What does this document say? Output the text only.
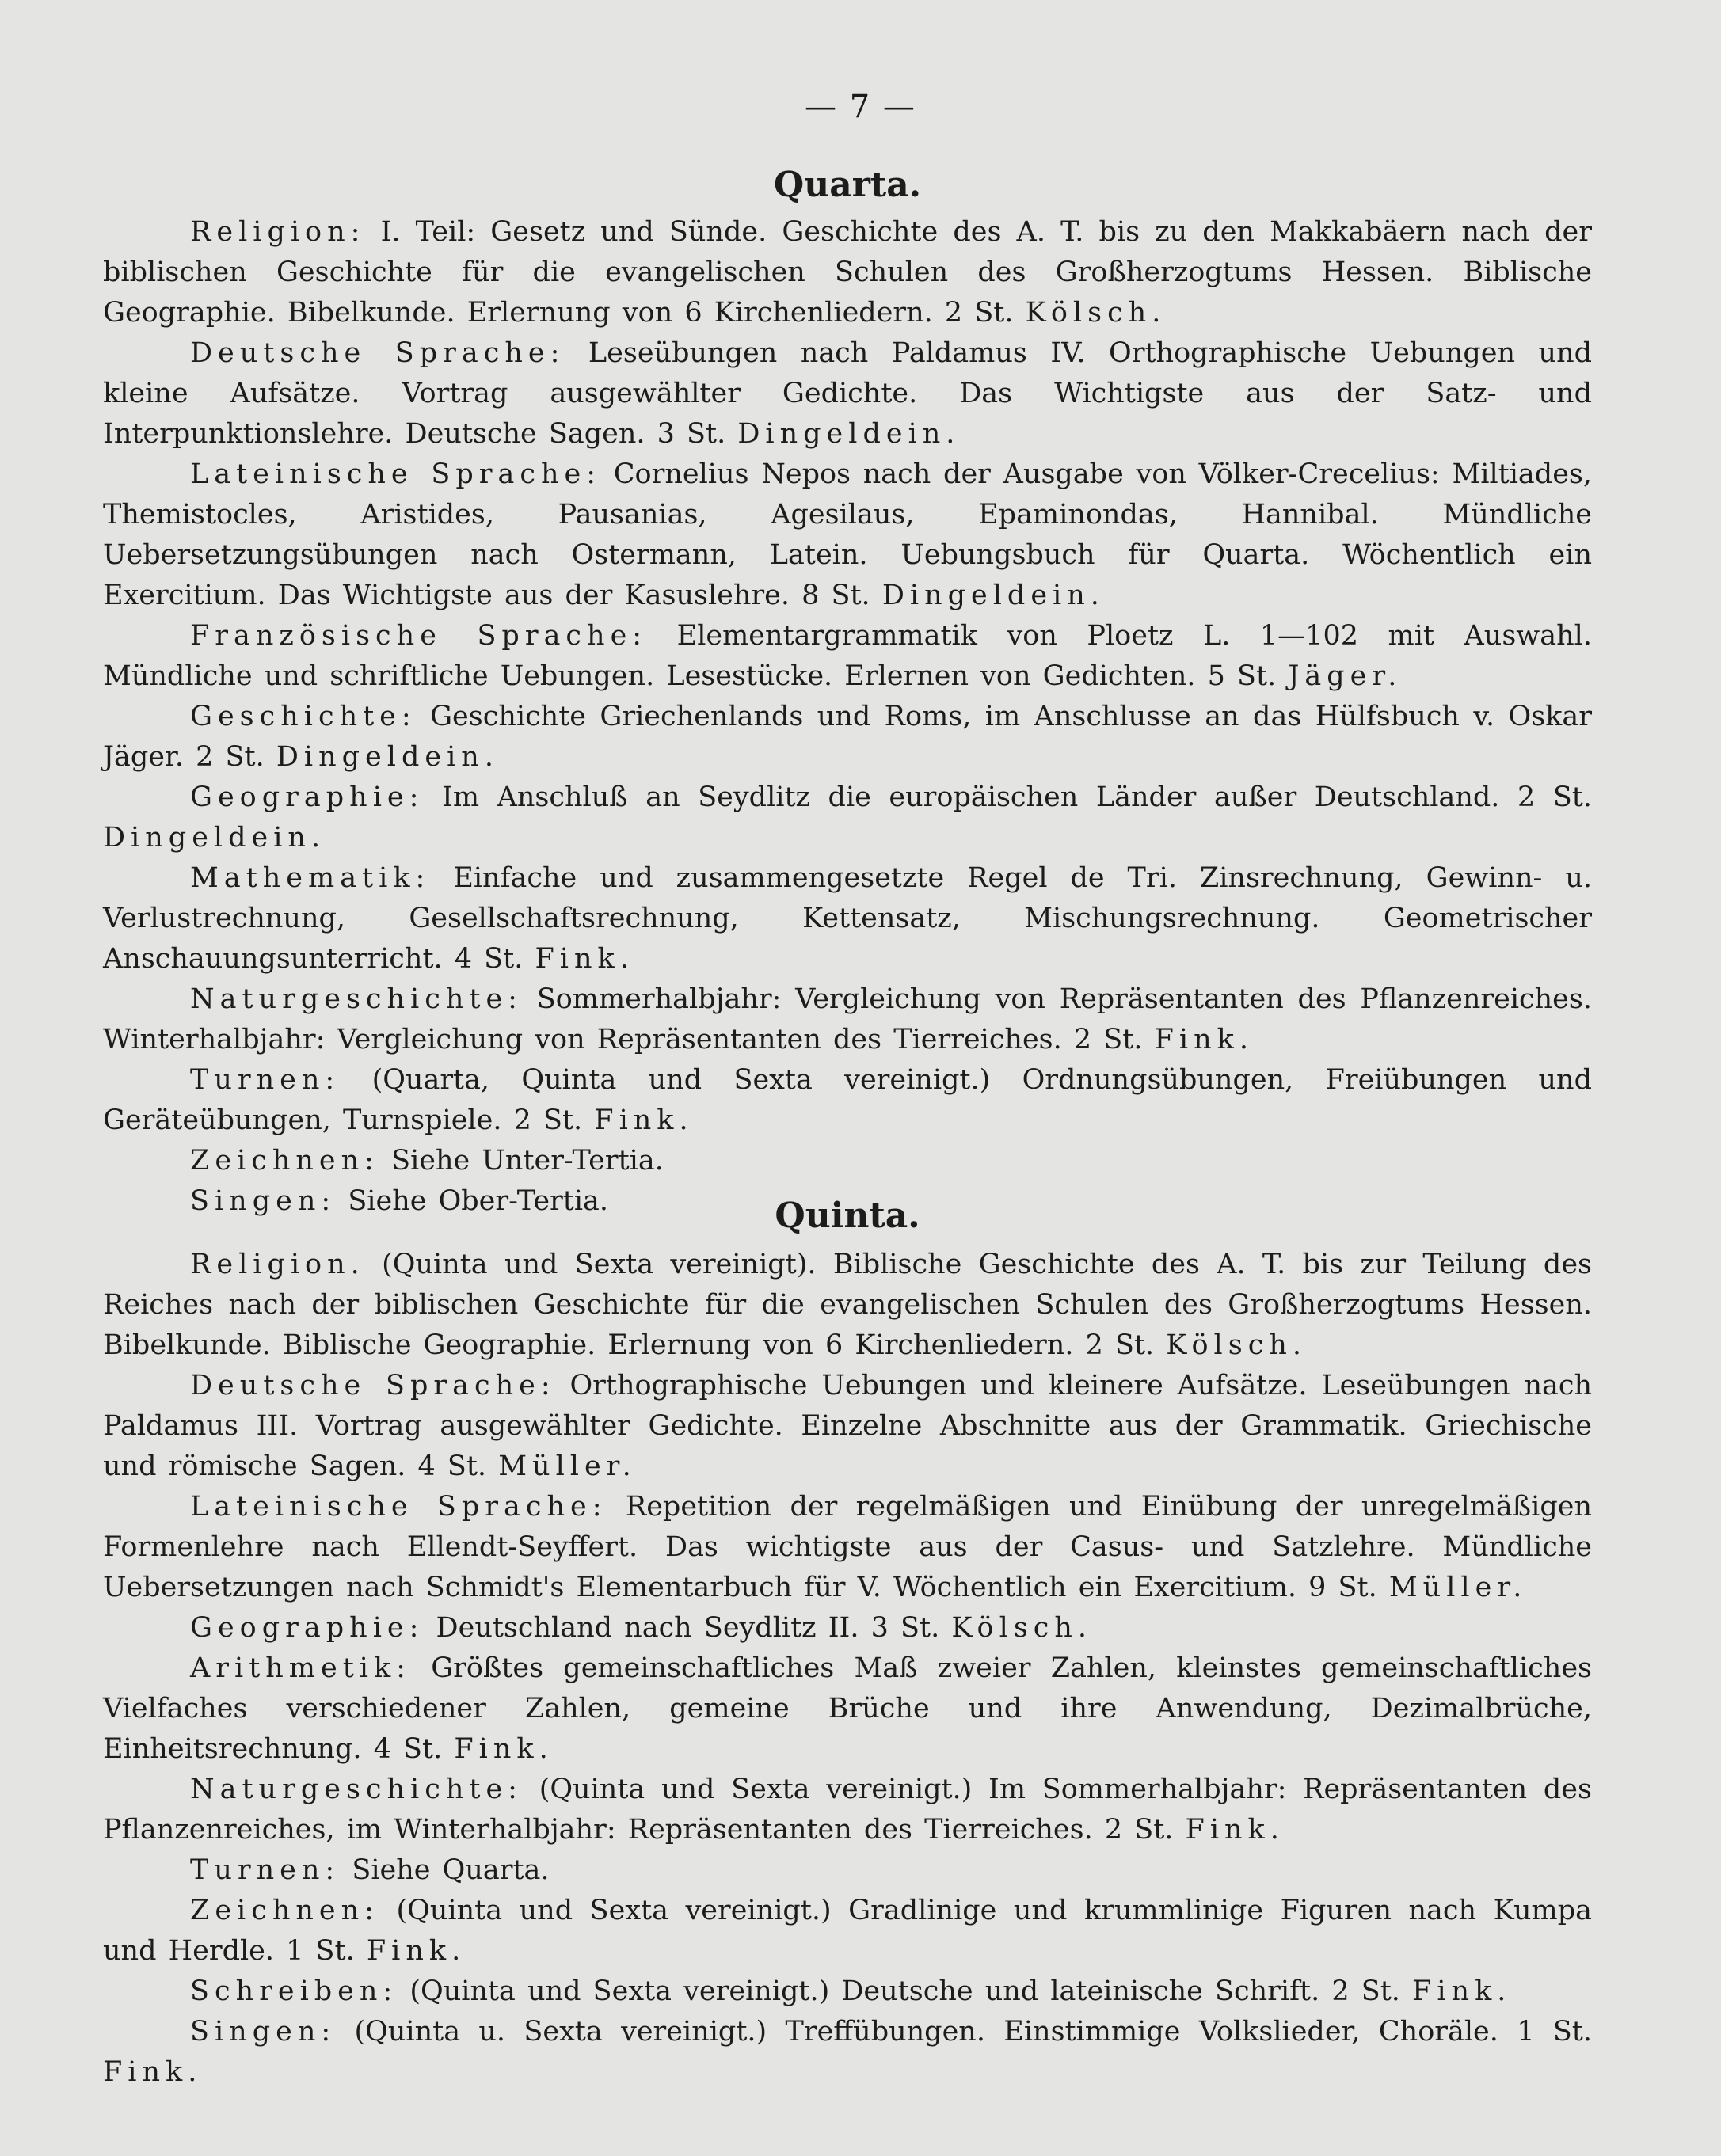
— 7 —
Quarta.

Religion: I. Teil: Gesetz und Sünde. Geschichte des A. T. bis zu den Makkabäern nach der biblischen Geschichte für die evangelischen Schulen des Großherzogtums Hessen. Biblische Geographie. Bibelkunde. Erlernung von 6 Kirchenliedern. 2 St. Kölsch.

Deutsche Sprache: Leseübungen nach Paldamus IV. Orthographische Uebungen und kleine Aufsätze. Vortrag ausgewählter Gedichte. Das Wichtigste aus der Satz- und Interpunktionslehre. Deutsche Sagen. 3 St. Dingeldein.

Lateinische Sprache: Cornelius Nepos nach der Ausgabe von Völker-Crecelius: Miltiades, Themistocles, Aristides, Pausanias, Agesilaus, Epaminondas, Hannibal. Mündliche Uebersetzungsübungen nach Ostermann, Latein. Uebungsbuch für Quarta. Wöchentlich ein Exercitium. Das Wichtigste aus der Kasuslehre. 8 St. Dingeldein.

Französische Sprache: Elementargrammatik von Ploetz L. 1—102 mit Auswahl. Mündliche und schriftliche Uebungen. Lesestücke. Erlernen von Gedichten. 5 St. Jäger.

Geschichte: Geschichte Griechenlands und Roms, im Anschlusse an das Hülfsbuch v. Oskar Jäger. 2 St. Dingeldein.

Geographie: Im Anschluß an Seydlitz die europäischen Länder außer Deutschland. 2 St. Dingeldein.

Mathematik: Einfache und zusammengesetzte Regel de Tri. Zinsrechnung, Gewinn- u. Verlustrechnung, Gesellschaftsrechnung, Kettensatz, Mischungsrechnung. Geometrischer Anschauungsunterricht. 4 St. Fink.

Naturgeschichte: Sommerhalbjahr: Vergleichung von Repräsentanten des Pflanzenreiches. Winterhalbjahr: Vergleichung von Repräsentanten des Tierreiches. 2 St. Fink.

Turnen: (Quarta, Quinta und Sexta vereinigt.) Ordnungsübungen, Freiübungen und Geräteübungen, Turnspiele. 2 St. Fink.

Zeichnen: Siehe Unter-Tertia.

Singen: Siehe Ober-Tertia.	Quinta.

Religion. (Quinta und Sexta vereinigt). Biblische Geschichte des A. T. bis zur Teilung des Reiches nach der biblischen Geschichte für die evangelischen Schulen des Großherzogtums Hessen. Bibelkunde. Biblische Geographie. Erlernung von 6 Kirchenliedern. 2 St. Kölsch.

Deutsche Sprache: Orthographische Uebungen und kleinere Aufsätze. Leseübungen nach Paldamus III. Vortrag ausgewählter Gedichte. Einzelne Abschnitte aus der Grammatik. Griechische und römische Sagen. 4 St. Müller.

Lateinische Sprache: Repetition der regelmäßigen und Einübung der unregelmäßigen Formenlehre nach Ellendt-Seyffert. Das wichtigste aus der Casus- und Satzlehre. Mündliche Uebersetzungen nach Schmidt's Elementarbuch für V. Wöchentlich ein Exercitium. 9 St. Müller.

Geographie: Deutschland nach Seydlitz II. 3 St. Kölsch.

Arithmetik: Größtes gemeinschaftliches Maß zweier Zahlen, kleinstes gemeinschaftliches Vielfaches verschiedener Zahlen, gemeine Brüche und ihre Anwendung, Dezimalbrüche, Einheitsrechnung. 4 St. Fink.

Naturgeschichte: (Quinta und Sexta vereinigt.) Im Sommerhalbjahr: Repräsentanten des Pflanzenreiches, im Winterhalbjahr: Repräsentanten des Tierreiches. 2 St. Fink.

Turnen: Siehe Quarta.

Zeichnen: (Quinta und Sexta vereinigt.) Gradlinige und krummlinige Figuren nach Kumpa und Herdle. 1 St. Fink.

Schreiben: (Quinta und Sexta vereinigt.) Deutsche und lateinische Schrift. 2 St. Fink.

Singen: (Quinta u. Sexta vereinigt.) Treffübungen. Einstimmige Volkslieder, Choräle. 1 St. Fink.
